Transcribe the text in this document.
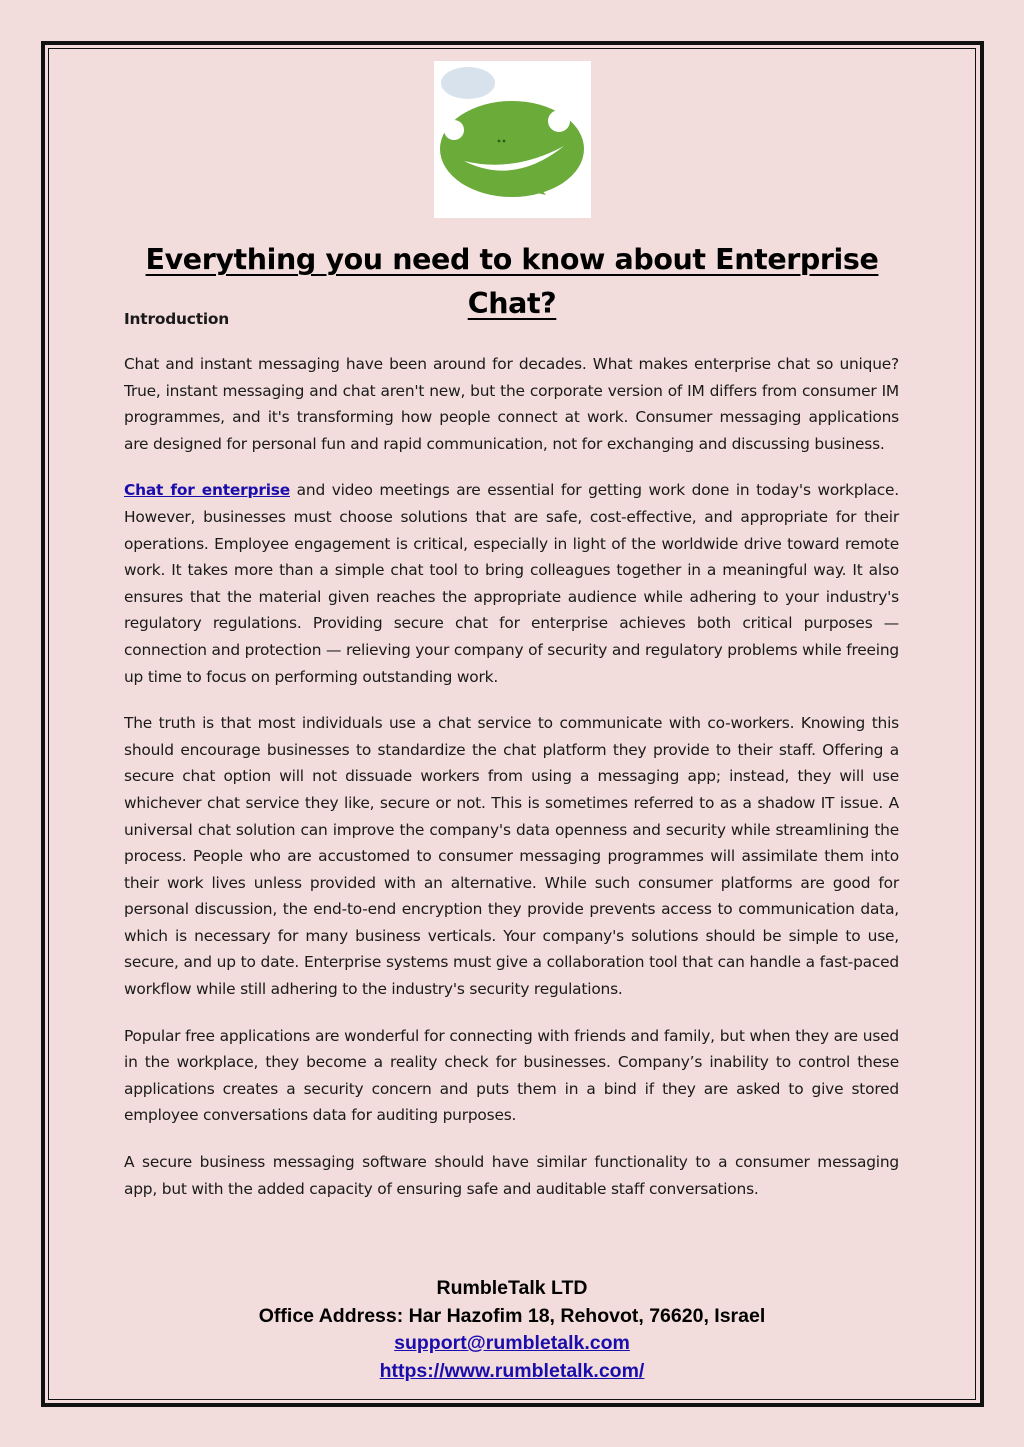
Everything you need to know about Enterprise Chat?
Introduction

Chat and instant messaging have been around for decades. What makes enterprise chat so unique? True, instant messaging and chat aren't new, but the corporate version of IM differs from consumer IM programmes, and it's transforming how people connect at work. Consumer messaging applications are designed for personal fun and rapid communication, not for exchanging and discussing business.

Chat for enterprise and video meetings are essential for getting work done in today's workplace. However, businesses must choose solutions that are safe, cost-effective, and appropriate for their operations. Employee engagement is critical, especially in light of the worldwide drive toward remote work. It takes more than a simple chat tool to bring colleagues together in a meaningful way. It also ensures that the material given reaches the appropriate audience while adhering to your industry's regulatory regulations. Providing secure chat for enterprise achieves both critical purposes — connection and protection — relieving your company of security and regulatory problems while freeing up time to focus on performing outstanding work.

The truth is that most individuals use a chat service to communicate with co-workers. Knowing this should encourage businesses to standardize the chat platform they provide to their staff. Offering a secure chat option will not dissuade workers from using a messaging app; instead, they will use whichever chat service they like, secure or not. This is sometimes referred to as a shadow IT issue. A universal chat solution can improve the company's data openness and security while streamlining the process. People who are accustomed to consumer messaging programmes will assimilate them into their work lives unless provided with an alternative. While such consumer platforms are good for personal discussion, the end-to-end encryption they provide prevents access to communication data, which is necessary for many business verticals. Your company's solutions should be simple to use, secure, and up to date. Enterprise systems must give a collaboration tool that can handle a fast-paced workflow while still adhering to the industry's security regulations.

Popular free applications are wonderful for connecting with friends and family, but when they are used in the workplace, they become a reality check for businesses. Company’s inability to control these applications creates a security concern and puts them in a bind if they are asked to give stored employee conversations data for auditing purposes.

A secure business messaging software should have similar functionality to a consumer messaging app, but with the added capacity of ensuring safe and auditable staff conversations.

RumbleTalk LTD
Office Address: Har Hazofim 18, Rehovot, 76620, Israel
support@rumbletalk.com
https://www.rumbletalk.com/
